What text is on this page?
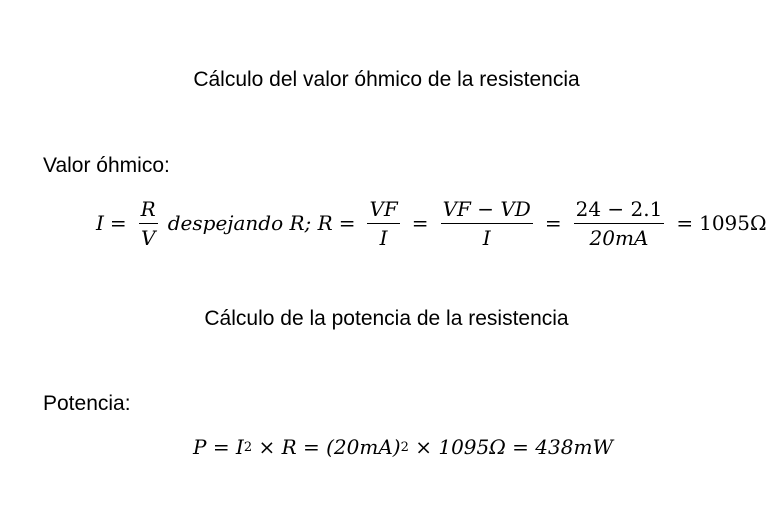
Cálculo del valor óhmico de la resistencia
Valor óhmico:
$I = \frac{R}{V}$ despejando R; $R = \frac{VF}{I} = \frac{VF - VD}{I} = \frac{24 - 2.1}{20mA} = 1095\Omega$
Cálculo de la potencia de la resistencia
Potencia:
P = I 2 × R = (20mA) 2 × 1095Ω = 438mW
